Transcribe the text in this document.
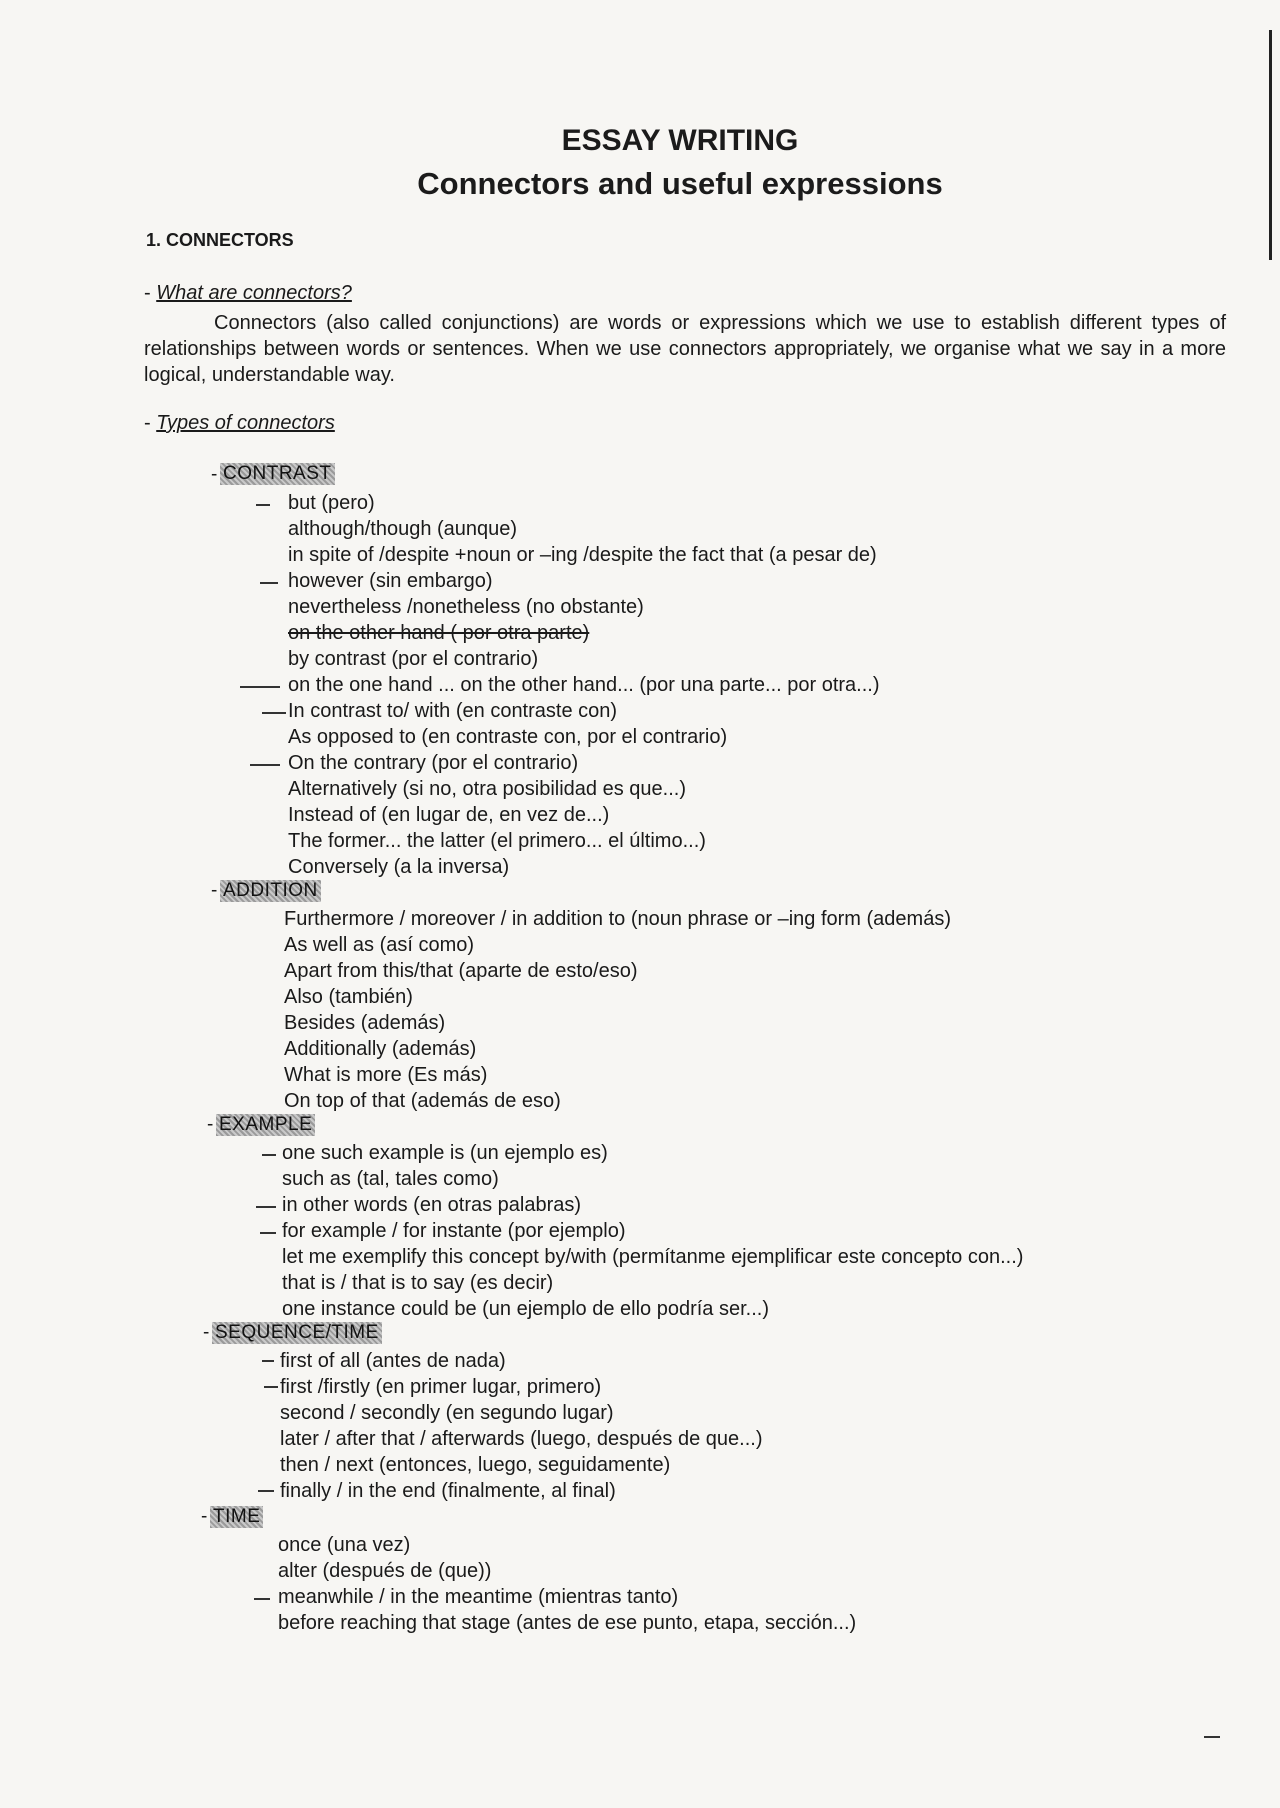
ESSAY WRITING
Connectors and useful expressions
1. CONNECTORS
- What are connectors?
Connectors (also called conjunctions) are words or expressions which we use to establish different types of relationships between words or sentences. When we use connectors appropriately, we organise what we say in a more logical, understandable way.
- Types of connectors
- CONTRAST
but (pero)
although/though (aunque)
in spite of /despite +noun or –ing /despite the fact that (a pesar de)
however (sin embargo)
nevertheless /nonetheless (no obstante)
on the other hand ( por otra parte)
by contrast (por el contrario)
on the one hand ... on the other hand... (por una parte... por otra...)
In contrast to/ with (en contraste con)
As opposed to (en contraste con, por el contrario)
On the contrary (por el contrario)
Alternatively (si no, otra posibilidad es que...)
Instead of (en lugar de, en vez de...)
The former... the latter (el primero... el último...)
Conversely (a la inversa)
- ADDITION
Furthermore / moreover / in addition to (noun phrase or –ing form (además)
As well as (así como)
Apart from this/that (aparte de esto/eso)
Also (también)
Besides (además)
Additionally (además)
What is more (Es más)
On top of that (además de eso)
- EXAMPLE
one such example is (un ejemplo es)
such as (tal, tales como)
in other words (en otras palabras)
for example / for instante (por ejemplo)
let me exemplify this concept by/with (permítanme ejemplificar este concepto con...)
that is / that is to say (es decir)
one instance could be (un ejemplo de ello podría ser...)
- SEQUENCE/TIME
first of all (antes de nada)
first /firstly (en primer lugar, primero)
second / secondly (en segundo lugar)
later / after that / afterwards (luego, después de que...)
then / next (entonces, luego, seguidamente)
finally / in the end (finalmente, al final)
- TIME
once (una vez)
alter (después de (que))
meanwhile / in the meantime (mientras tanto)
before reaching that stage (antes de ese punto, etapa, sección...)
